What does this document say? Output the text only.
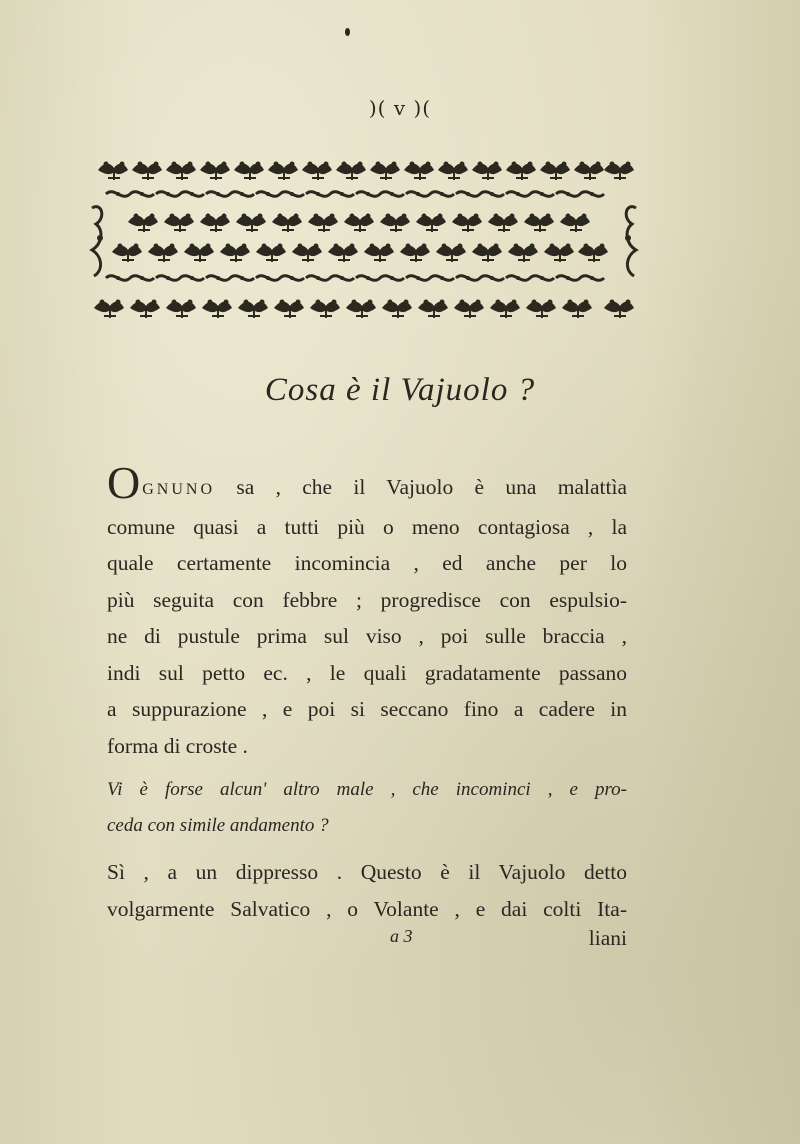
)( v )(
Cosa è il Vajuolo ?
OGNUNO sa , che il Vajuolo è una malattìa
comune quasi a tutti più o meno contagiosa , la
quale certamente incomincia , ed anche per lo
più seguita con febbre ; progredisce con espulsio-
ne di pustule prima sul viso , poi sulle braccia ,
indi sul petto ec. , le quali gradatamente passano
a suppurazione , e poi si seccano fino a cadere in
forma di croste .
Vi è forse alcun' altro male , che incominci , e pro-
ceda con simile andamento ?
Sì , a un dippresso . Questo è il Vajuolo detto
volgarmente Salvatico , o Volante , e dai colti Ita-
a 3	liani
